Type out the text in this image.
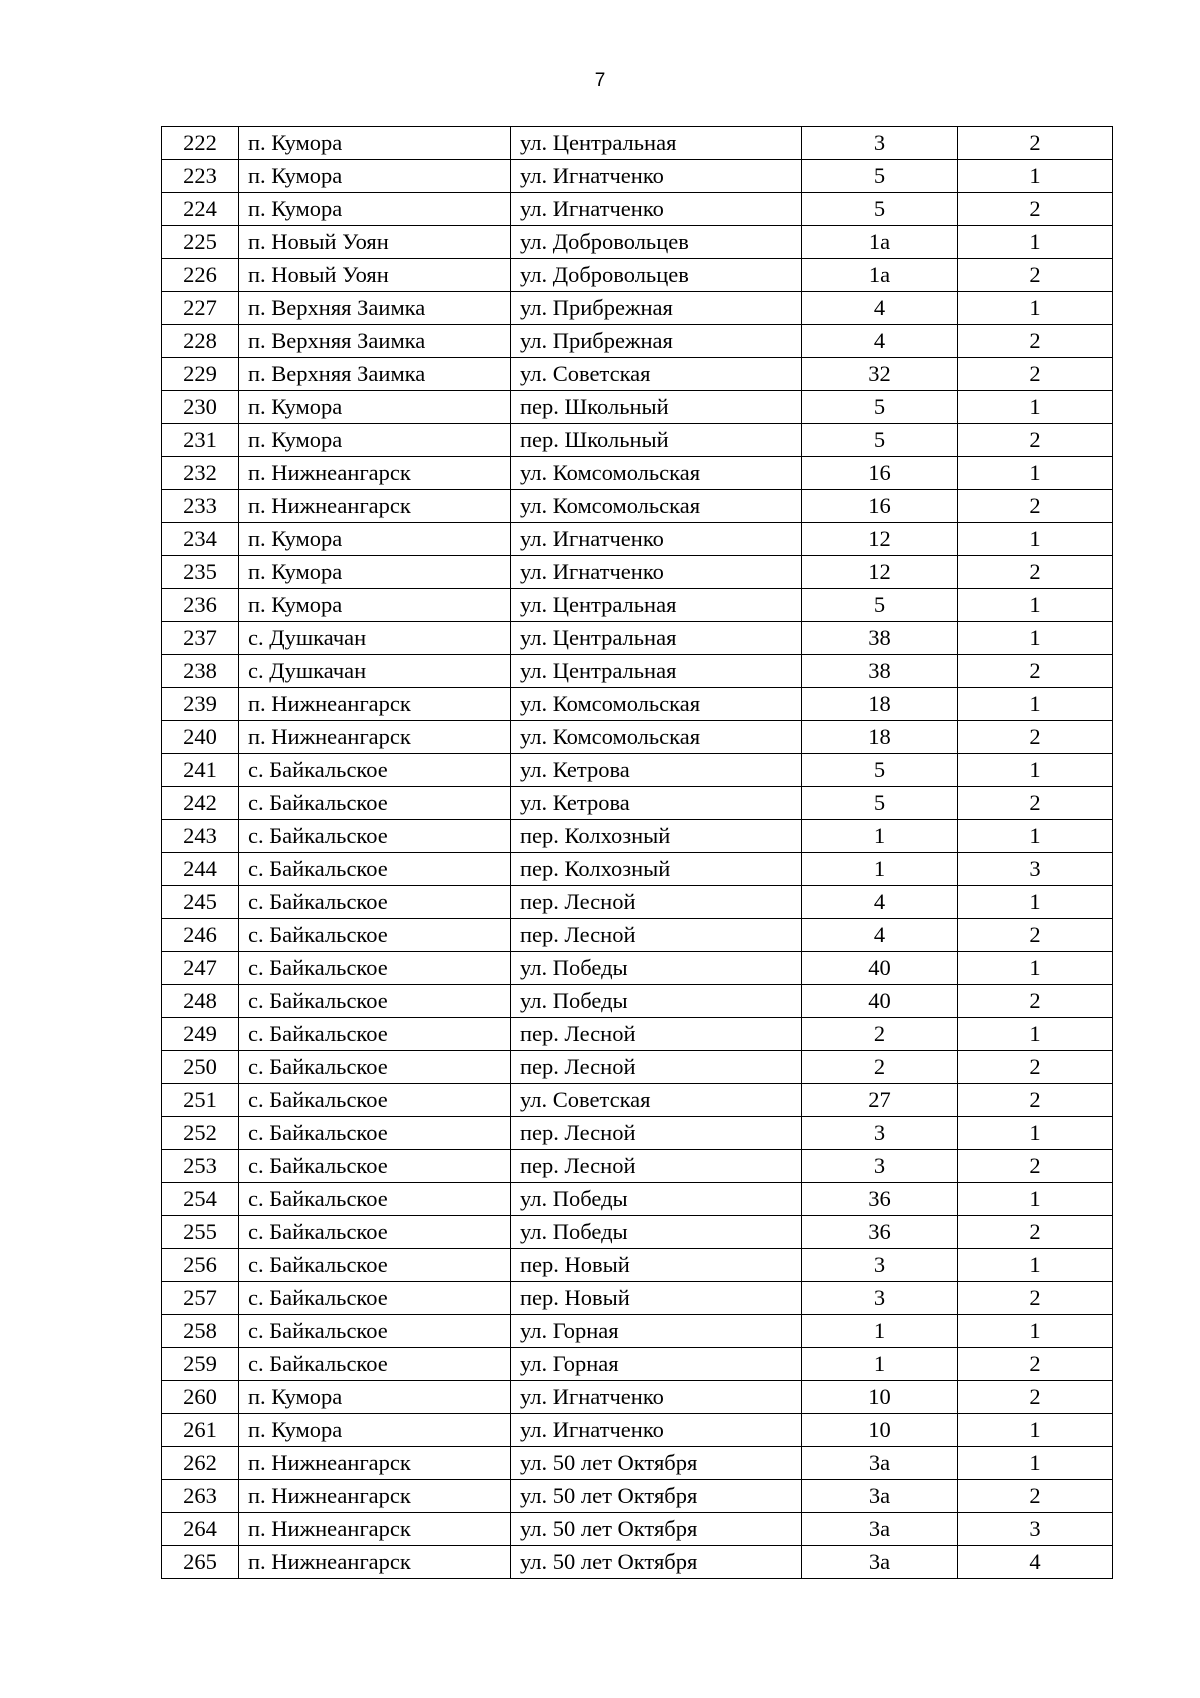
7
222	п. Кумора	ул. Центральная	3	2
223	п. Кумора	ул. Игнатченко	5	1
224	п. Кумора	ул. Игнатченко	5	2
225	п. Новый Уоян	ул. Добровольцев	1а	1
226	п. Новый Уоян	ул. Добровольцев	1а	2
227	п. Верхняя Заимка	ул. Прибрежная	4	1
228	п. Верхняя Заимка	ул. Прибрежная	4	2
229	п. Верхняя Заимка	ул. Советская	32	2
230	п. Кумора	пер. Школьный	5	1
231	п. Кумора	пер. Школьный	5	2
232	п. Нижнеангарск	ул. Комсомольская	16	1
233	п. Нижнеангарск	ул. Комсомольская	16	2
234	п. Кумора	ул. Игнатченко	12	1
235	п. Кумора	ул. Игнатченко	12	2
236	п. Кумора	ул. Центральная	5	1
237	с. Душкачан	ул. Центральная	38	1
238	с. Душкачан	ул. Центральная	38	2
239	п. Нижнеангарск	ул. Комсомольская	18	1
240	п. Нижнеангарск	ул. Комсомольская	18	2
241	с. Байкальское	ул. Кетрова	5	1
242	с. Байкальское	ул. Кетрова	5	2
243	с. Байкальское	пер. Колхозный	1	1
244	с. Байкальское	пер. Колхозный	1	3
245	с. Байкальское	пер. Лесной	4	1
246	с. Байкальское	пер. Лесной	4	2
247	с. Байкальское	ул. Победы	40	1
248	с. Байкальское	ул. Победы	40	2
249	с. Байкальское	пер. Лесной	2	1
250	с. Байкальское	пер. Лесной	2	2
251	с. Байкальское	ул. Советская	27	2
252	с. Байкальское	пер. Лесной	3	1
253	с. Байкальское	пер. Лесной	3	2
254	с. Байкальское	ул. Победы	36	1
255	с. Байкальское	ул. Победы	36	2
256	с. Байкальское	пер. Новый	3	1
257	с. Байкальское	пер. Новый	3	2
258	с. Байкальское	ул. Горная	1	1
259	с. Байкальское	ул. Горная	1	2
260	п. Кумора	ул. Игнатченко	10	2
261	п. Кумора	ул. Игнатченко	10	1
262	п. Нижнеангарск	ул. 50 лет Октября	3а	1
263	п. Нижнеангарск	ул. 50 лет Октября	3а	2
264	п. Нижнеангарск	ул. 50 лет Октября	3а	3
265	п. Нижнеангарск	ул. 50 лет Октября	3а	4
